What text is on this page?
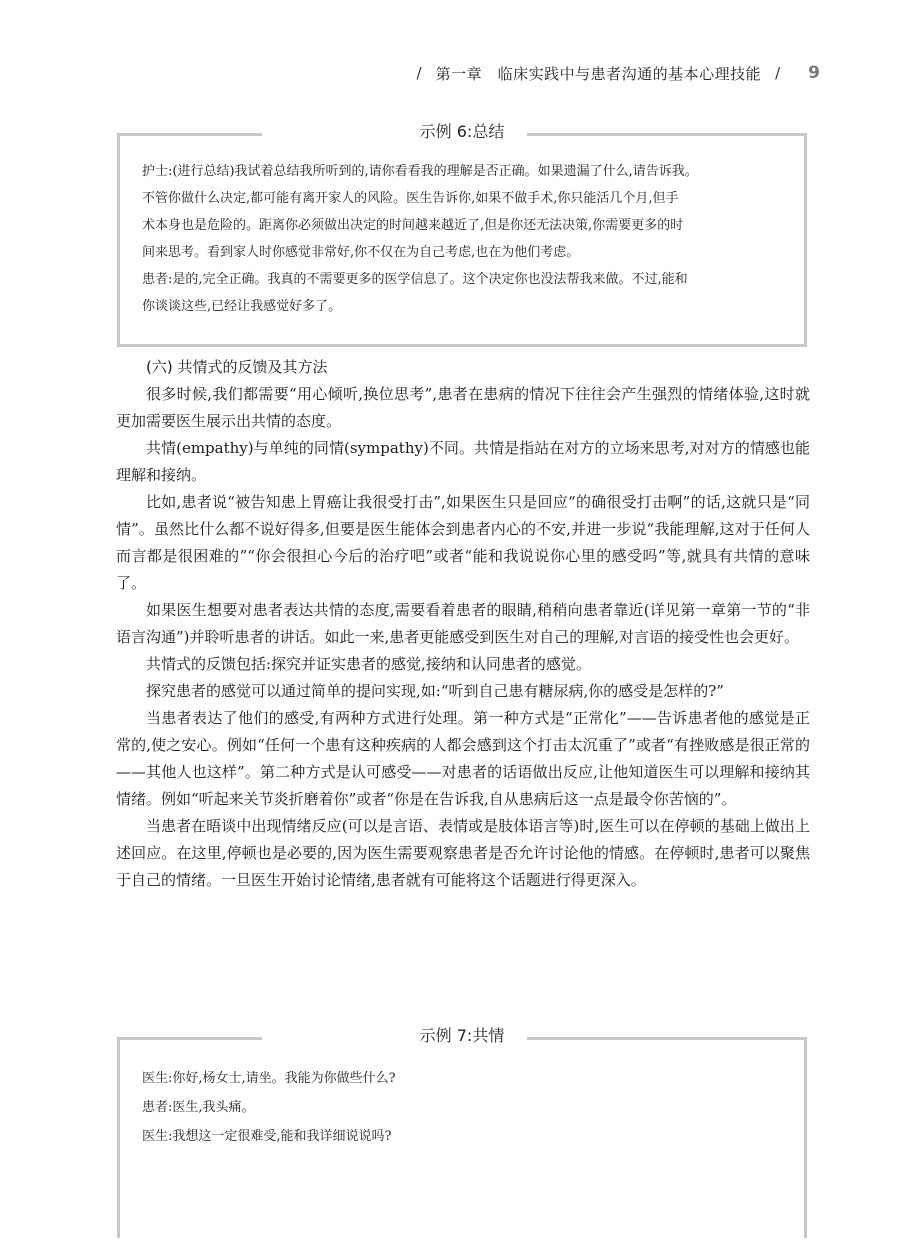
/ 第一章　临床实践中与患者沟通的基本心理技能 / 9
示例 6:总结

护士:(进行总结)我试着总结我所听到的,请你看看我的理解是否正确。如果遗漏了什么,请告诉我。

不管你做什么决定,都可能有离开家人的风险。医生告诉你,如果不做手术,你只能活几个月,但手

术本身也是危险的。距离你必须做出决定的时间越来越近了,但是你还无法决策,你需要更多的时

间来思考。看到家人时你感觉非常好,你不仅在为自己考虑,也在为他们考虑。

患者:是的,完全正确。我真的不需要更多的医学信息了。这个决定你也没法帮我来做。不过,能和

你谈谈这些,已经让我感觉好多了。

(六) 共情式的反馈及其方法

很多时候,我们都需要“用心倾听,换位思考”,患者在患病的情况下往往会产生强烈的情绪体验,这时就更加需要医生展示出共情的态度。

共情(empathy)与单纯的同情(sympathy)不同。共情是指站在对方的立场来思考,对对方的情感也能理解和接纳。

比如,患者说“被告知患上胃癌让我很受打击”,如果医生只是回应“的确很受打击啊”的话,这就只是“同情”。虽然比什么都不说好得多,但要是医生能体会到患者内心的不安,并进一步说“我能理解,这对于任何人而言都是很困难的”“你会很担心今后的治疗吧”或者“能和我说说你心里的感受吗”等,就具有共情的意味了。

如果医生想要对患者表达共情的态度,需要看着患者的眼睛,稍稍向患者靠近(详见第一章第一节的“非语言沟通”)并聆听患者的讲话。如此一来,患者更能感受到医生对自己的理解,对言语的接受性也会更好。

共情式的反馈包括:探究并证实患者的感觉,接纳和认同患者的感觉。

探究患者的感觉可以通过简单的提问实现,如:“听到自己患有糖尿病,你的感受是怎样的?”

当患者表达了他们的感受,有两种方式进行处理。第一种方式是“正常化”——告诉患者他的感觉是正常的,使之安心。例如“任何一个患有这种疾病的人都会感到这个打击太沉重了”或者“有挫败感是很正常的——其他人也这样”。第二种方式是认可感受——对患者的话语做出反应,让他知道医生可以理解和接纳其情绪。例如“听起来关节炎折磨着你”或者“你是在告诉我,自从患病后这一点是最令你苦恼的”。

当患者在晤谈中出现情绪反应(可以是言语、表情或是肢体语言等)时,医生可以在停顿的基础上做出上述回应。在这里,停顿也是必要的,因为医生需要观察患者是否允许讨论他的情感。在停顿时,患者可以聚焦于自己的情绪。一旦医生开始讨论情绪,患者就有可能将这个话题进行得更深入。

示例 7:共情

医生:你好,杨女士,请坐。我能为你做些什么?

患者:医生,我头痛。

医生:我想这一定很难受,能和我详细说说吗?
